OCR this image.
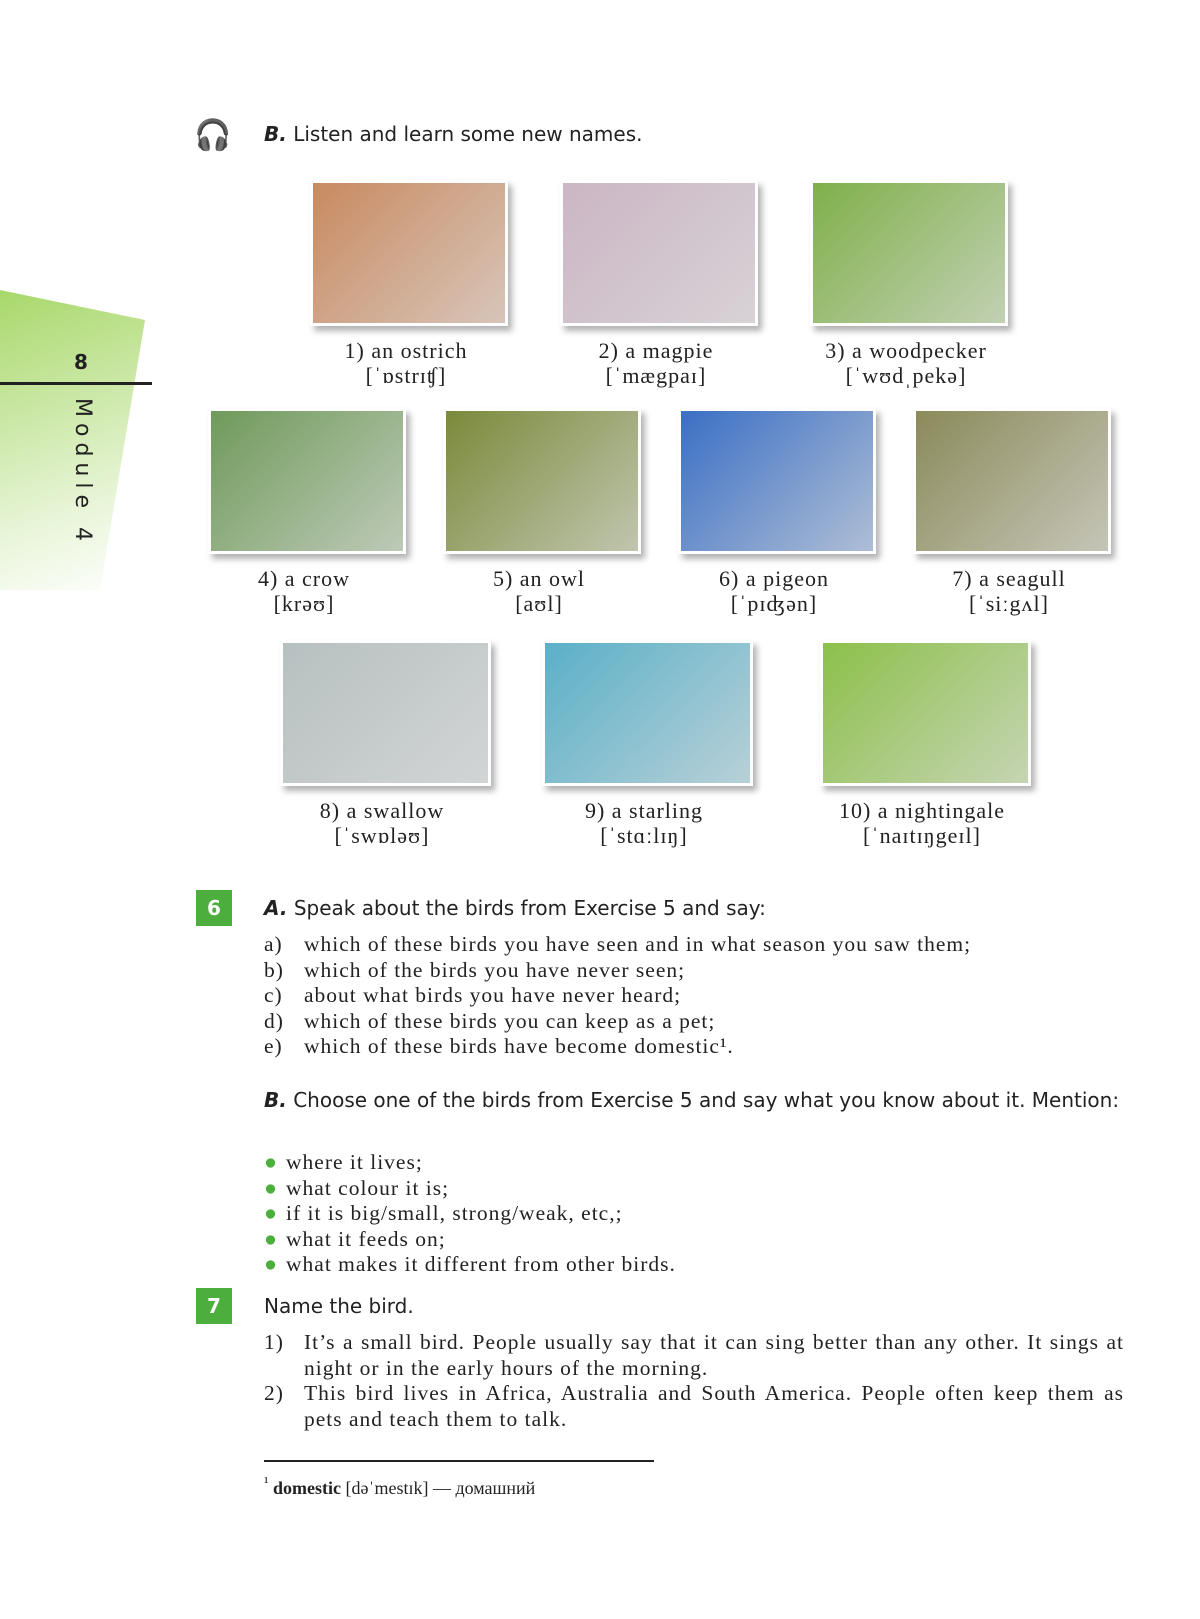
8
Module 4
🎧 B. Listen and learn some new names.
1) an ostrich
[ˈɒstrɪʧ]
2) a magpie
[ˈmægpaɪ]
3) a woodpecker
[ˈwʊdˌpekə]
4) a crow
[krəʊ]
5) an owl
[aʊl]
6) a pigeon
[ˈpɪʤən]
7) a seagull
[ˈsiːgʌl]
8) a swallow
[ˈswɒləʊ]
9) a starling
[ˈstɑːlɪŋ]
10) a nightingale
[ˈnaɪtɪŋgeɪl]
6	A. Speak about the birds from Exercise 5 and say:
a) which of these birds you have seen and in what season you saw them;
b) which of the birds you have never seen;
c) about what birds you have never heard;
d) which of these birds you can keep as a pet;
e) which of these birds have become domestic¹.
B. Choose one of the birds from Exercise 5 and say what you know about it. Mention:
● where it lives;
● what colour it is;
● if it is big/small, strong/weak, etc,;
● what it feeds on;
● what makes it different from other birds.
7	Name the bird.
1) It’s a small bird. People usually say that it can sing better than any other. It sings at night or in the early hours of the morning.
2) This bird lives in Africa, Australia and South America. People often keep them as pets and teach them to talk.
$^{^1}$ domestic [dəˈmestɪk] — домашний
